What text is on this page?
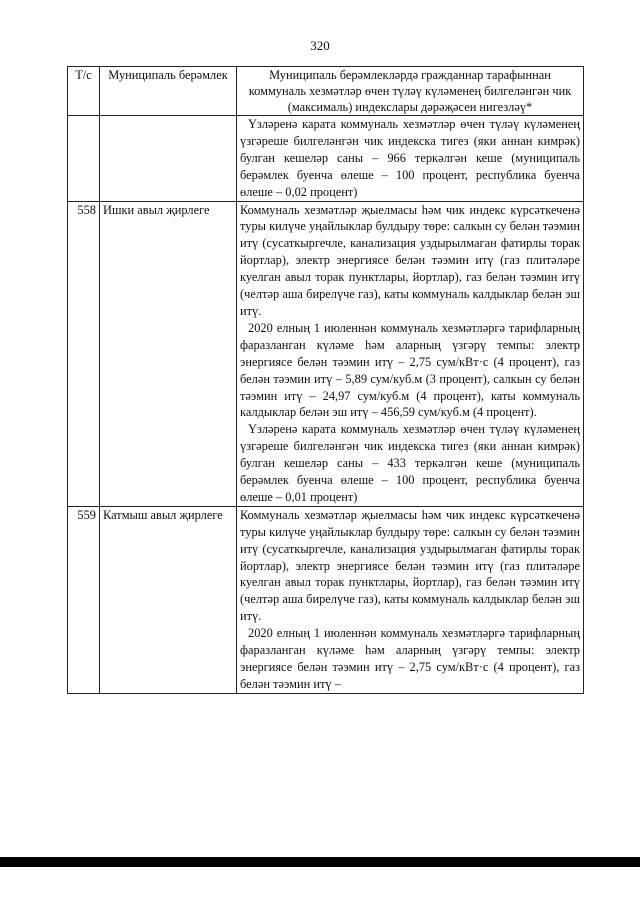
320
Т/с	Муниципаль берәмлек	Муниципаль берәмлекләрдә гражданнар тарафыннан коммуналь хезмәтләр өчен түләү күләменең билгеләнгән чик (максималь) индекслары дәрәҗәсен нигезләү*

		Үзләренә карата коммуналь хезмәтләр өчен түләү күләменең үзгәреше билгеләнгән чик индекска тигез (яки аннан кимрәк) булган кешеләр саны – 966 теркәлгән кеше (муниципаль берәмлек буенча өлеше – 100 процент, республика буенча өлеше – 0,02 процент)

558	Ишки авыл җирлеге	Коммуналь хезмәтләр җыелмасы һәм чик индекс күрсәткеченә туры килүче уңайлыклар булдыру төре: салкын су белән тәэмин итү (сусаткыргечле, канализация уздырылмаган фатирлы торак йортлар), электр энергиясе белән тәэмин итү (газ плитәләре куелган авыл торак пунктлары, йортлар), газ белән тәэмин итү (челтәр аша бирелүче газ), каты коммуналь калдыклар белән эш итү.

2020 елның 1 июленнән коммуналь хезмәтләргә тарифларның фаразланган күләме һәм аларның үзгәрү темпы: электр энергиясе белән тәэмин итү – 2,75 сум/кВт·с (4 процент), газ белән тәэмин итү – 5,89 сум/куб.м (3 процент), салкын су белән тәэмин итү – 24,97 сум/куб.м (4 процент), каты коммуналь калдыклар белән эш итү – 456,59 сум/куб.м (4 процент).

Үзләренә карата коммуналь хезмәтләр өчен түләү күләменең үзгәреше билгеләнгән чик индекска тигез (яки аннан кимрәк) булган кешеләр саны – 433 теркәлгән кеше (муниципаль берәмлек буенча өлеше – 100 процент, республика буенча өлеше – 0,01 процент)

559	Катмыш авыл җирлеге	Коммуналь хезмәтләр җыелмасы һәм чик индекс күрсәткеченә туры килүче уңайлыклар булдыру төре: салкын су белән тәэмин итү (сусаткыргечле, канализация уздырылмаган фатирлы торак йортлар), электр энергиясе белән тәэмин итү (газ плитәләре куелган авыл торак пунктлары, йортлар), газ белән тәэмин итү (челтәр аша бирелүче газ), каты коммуналь калдыклар белән эш итү.

2020 елның 1 июленнән коммуналь хезмәтләргә тарифларның фаразланган күләме һәм аларның үзгәрү темпы: электр энергиясе белән тәэмин итү – 2,75 сум/кВт·с (4 процент), газ белән тәэмин итү –
